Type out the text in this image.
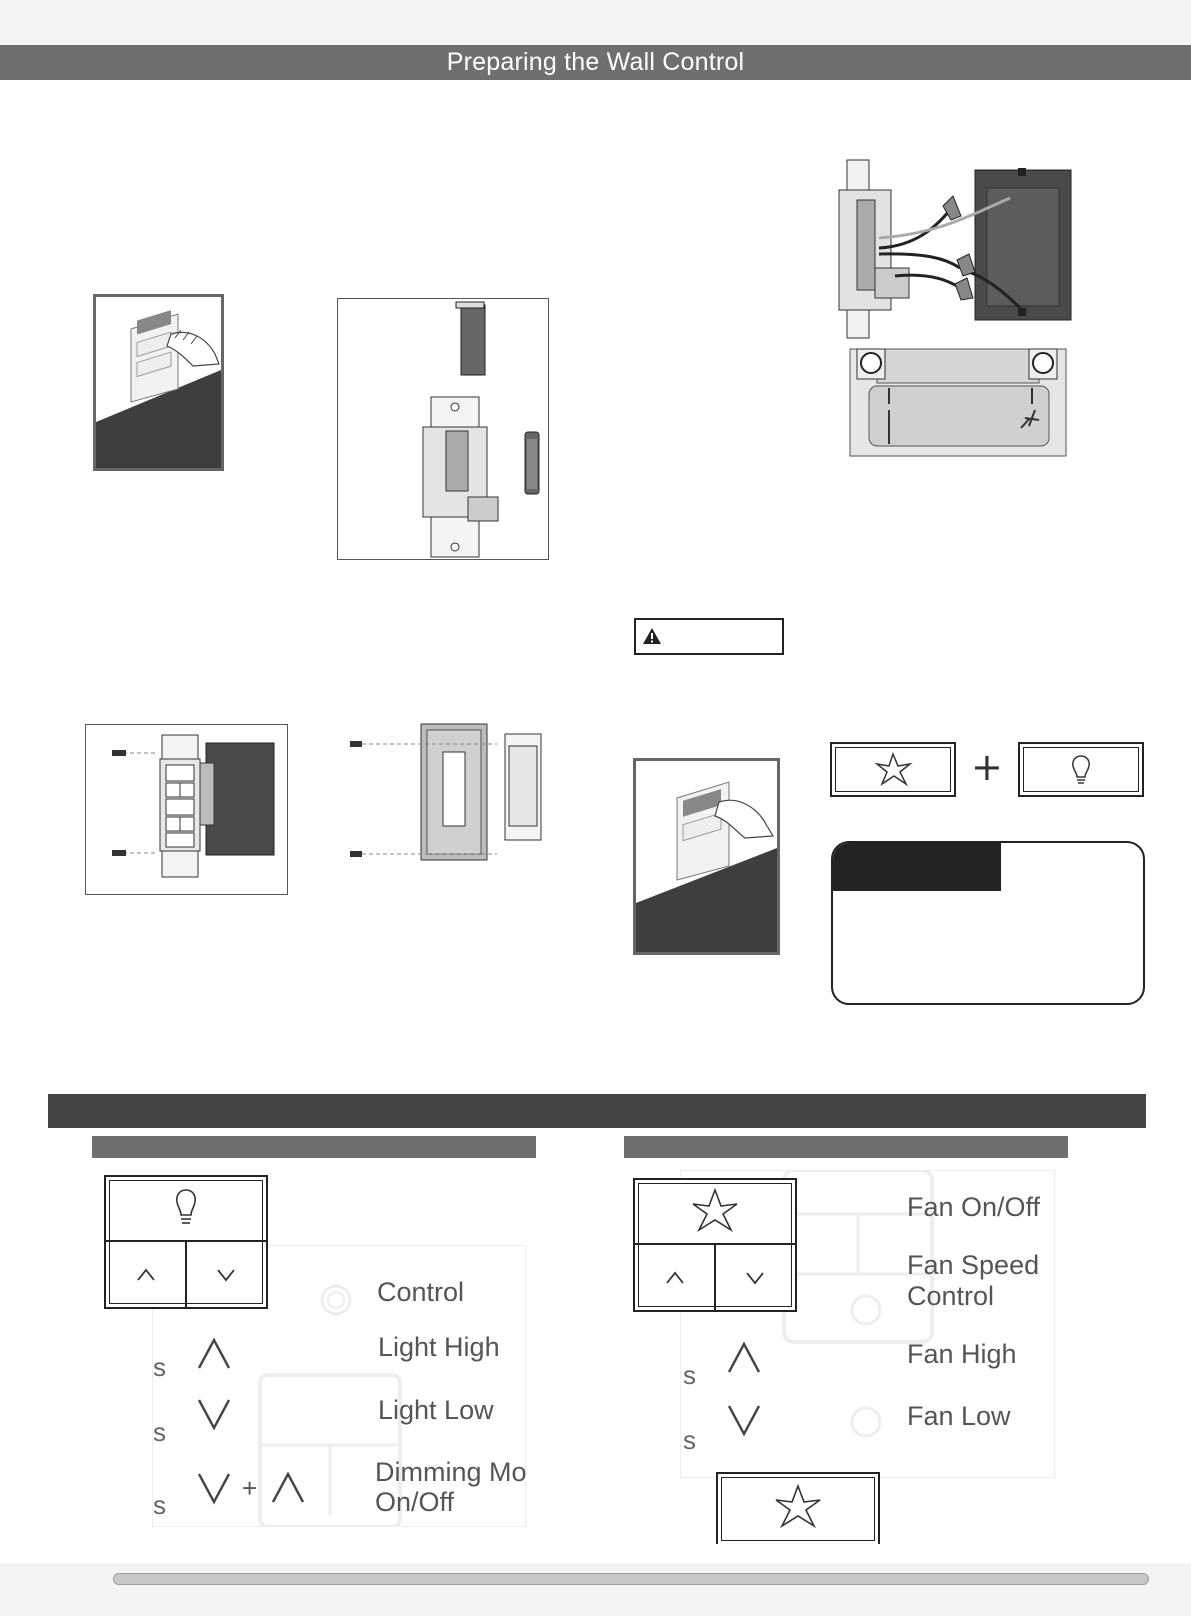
Preparing the Wall Control
+
Control
s
Light High
s
Light Low
s
+
Dimming Mo
On/Off
Fan On/Off
Fan Speed
Control
s
Fan High
s
Fan Low
